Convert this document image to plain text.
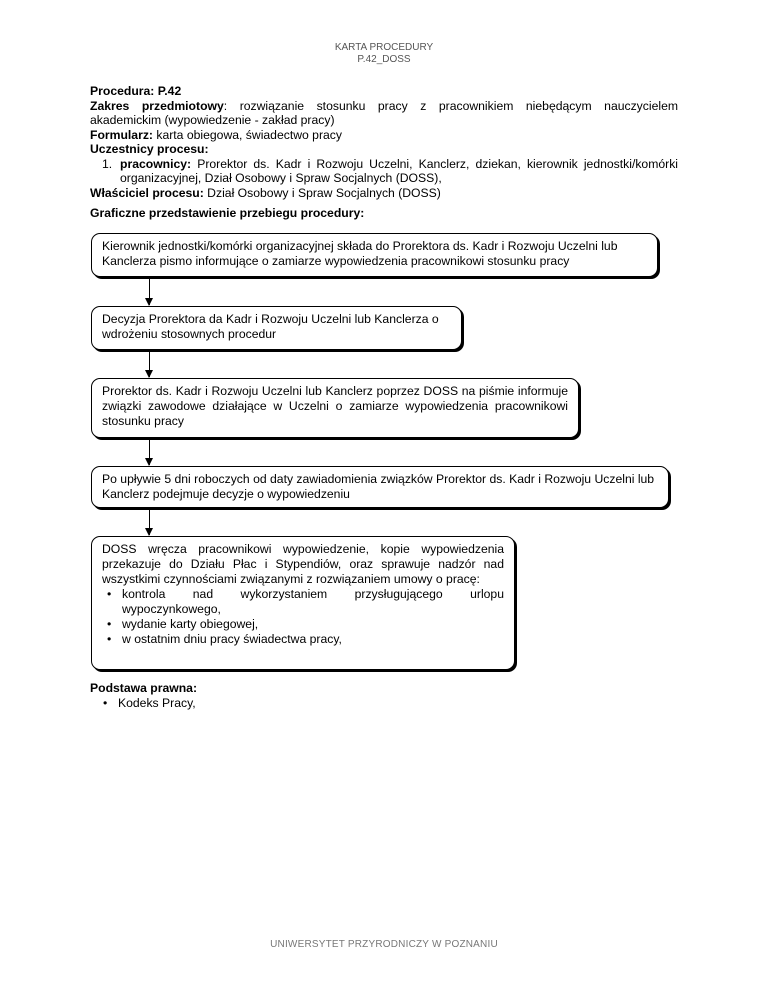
KARTA PROCEDURY
P.42_DOSS
Procedura: P.42
Zakres przedmiotowy: rozwiązanie stosunku pracy z pracownikiem niebędącym nauczycielem akademickim (wypowiedzenie - zakład pracy)
Formularz: karta obiegowa, świadectwo pracy
Uczestnicy procesu:
1. pracownicy: Prorektor ds. Kadr i Rozwoju Uczelni, Kanclerz, dziekan, kierownik jednostki/komórki organizacyjnej, Dział Osobowy i Spraw Socjalnych (DOSS),
Właściciel procesu: Dział Osobowy i Spraw Socjalnych (DOSS)
Graficzne przedstawienie przebiegu procedury:
Kierownik jednostki/komórki organizacyjnej składa do Prorektora ds. Kadr i Rozwoju Uczelni lub Kanclerza pismo informujące o zamiarze wypowiedzenia pracownikowi stosunku pracy
Decyzja Prorektora da Kadr i Rozwoju Uczelni lub Kanclerza o wdrożeniu stosownych procedur
Prorektor ds. Kadr i Rozwoju Uczelni lub Kanclerz poprzez DOSS na piśmie informuje związki zawodowe działające w Uczelni o zamiarze wypowiedzenia pracownikowi stosunku pracy
Po upływie 5 dni roboczych od daty zawiadomienia związków Prorektor ds. Kadr i Rozwoju Uczelni lub Kanclerz podejmuje decyzje o wypowiedzeniu
DOSS wręcza pracownikowi wypowiedzenie, kopie wypowiedzenia przekazuje do Działu Płac i Stypendiów, oraz sprawuje nadzór nad wszystkimi czynnościami związanymi z rozwiązaniem umowy o pracę:
• kontrola nad wykorzystaniem przysługującego urlopu wypoczynkowego,
• wydanie karty obiegowej,
• w ostatnim dniu pracy świadectwa pracy,
Podstawa prawna:
• Kodeks Pracy,
UNIWERSYTET PRZYRODNICZY W POZNANIU
